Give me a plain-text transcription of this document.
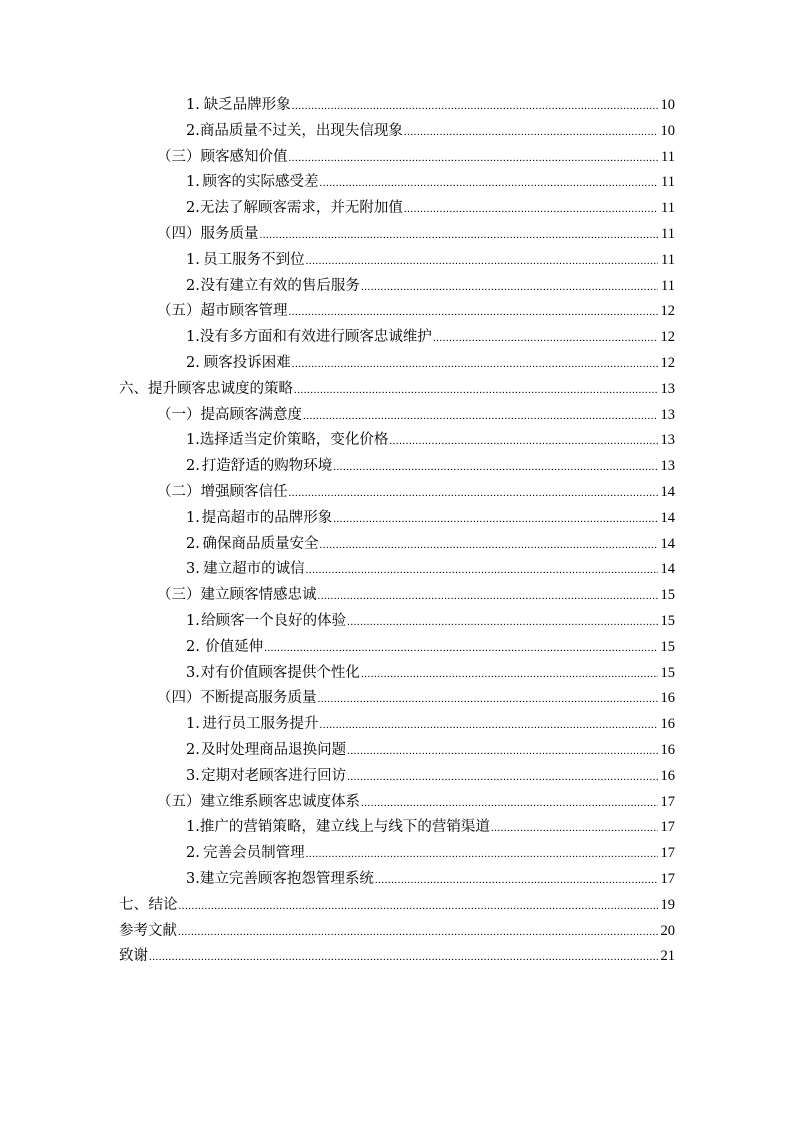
1. 缺乏品牌形象 .....	10
2. 商品质量不过关，出现失信现象 .....	10
（三） 顾客感知价值 .....	11
1. 顾客的实际感受差 .....	11
2. 无法了解顾客需求，并无附加值 .....	11
（四） 服务质量 .....	11
1. 员工服务不到位 .....	11
2. 没有建立有效的售后服务 .....	11
（五） 超市顾客管理 .....	12
1. 没有多方面和有效进行顾客忠诚维护 .....	12
2. 顾客投诉困难 .....	12
六、 提升顾客忠诚度的策略 .....	13
（一） 提高顾客满意度 .....	13
1. 选择适当定价策略，变化价格 .....	13
2. 打造舒适的购物环境 .....	13
（二） 增强顾客信任 .....	14
1. 提高超市的品牌形象 .....	14
2. 确保商品质量安全 .....	14
3. 建立超市的诚信 .....	14
（三） 建立顾客情感忠诚 .....	15
1. 给顾客一个良好的体验 .....	15
2. 价值延伸 .....	15
3. 对有价值顾客提供个性化 .....	15
（四） 不断提高服务质量 .....	16
1. 进行员工服务提升 .....	16
2. 及时处理商品退换问题 .....	16
3. 定期对老顾客进行回访 .....	16
（五） 建立维系顾客忠诚度体系 .....	17
1. 推广的营销策略，建立线上与线下的营销渠道 .....	17
2. 完善会员制管理 .....	17
3. 建立完善顾客抱怨管理系统 .....	17
七、 结论 .....	19
参考文献 .....	20
致谢 .....	21
